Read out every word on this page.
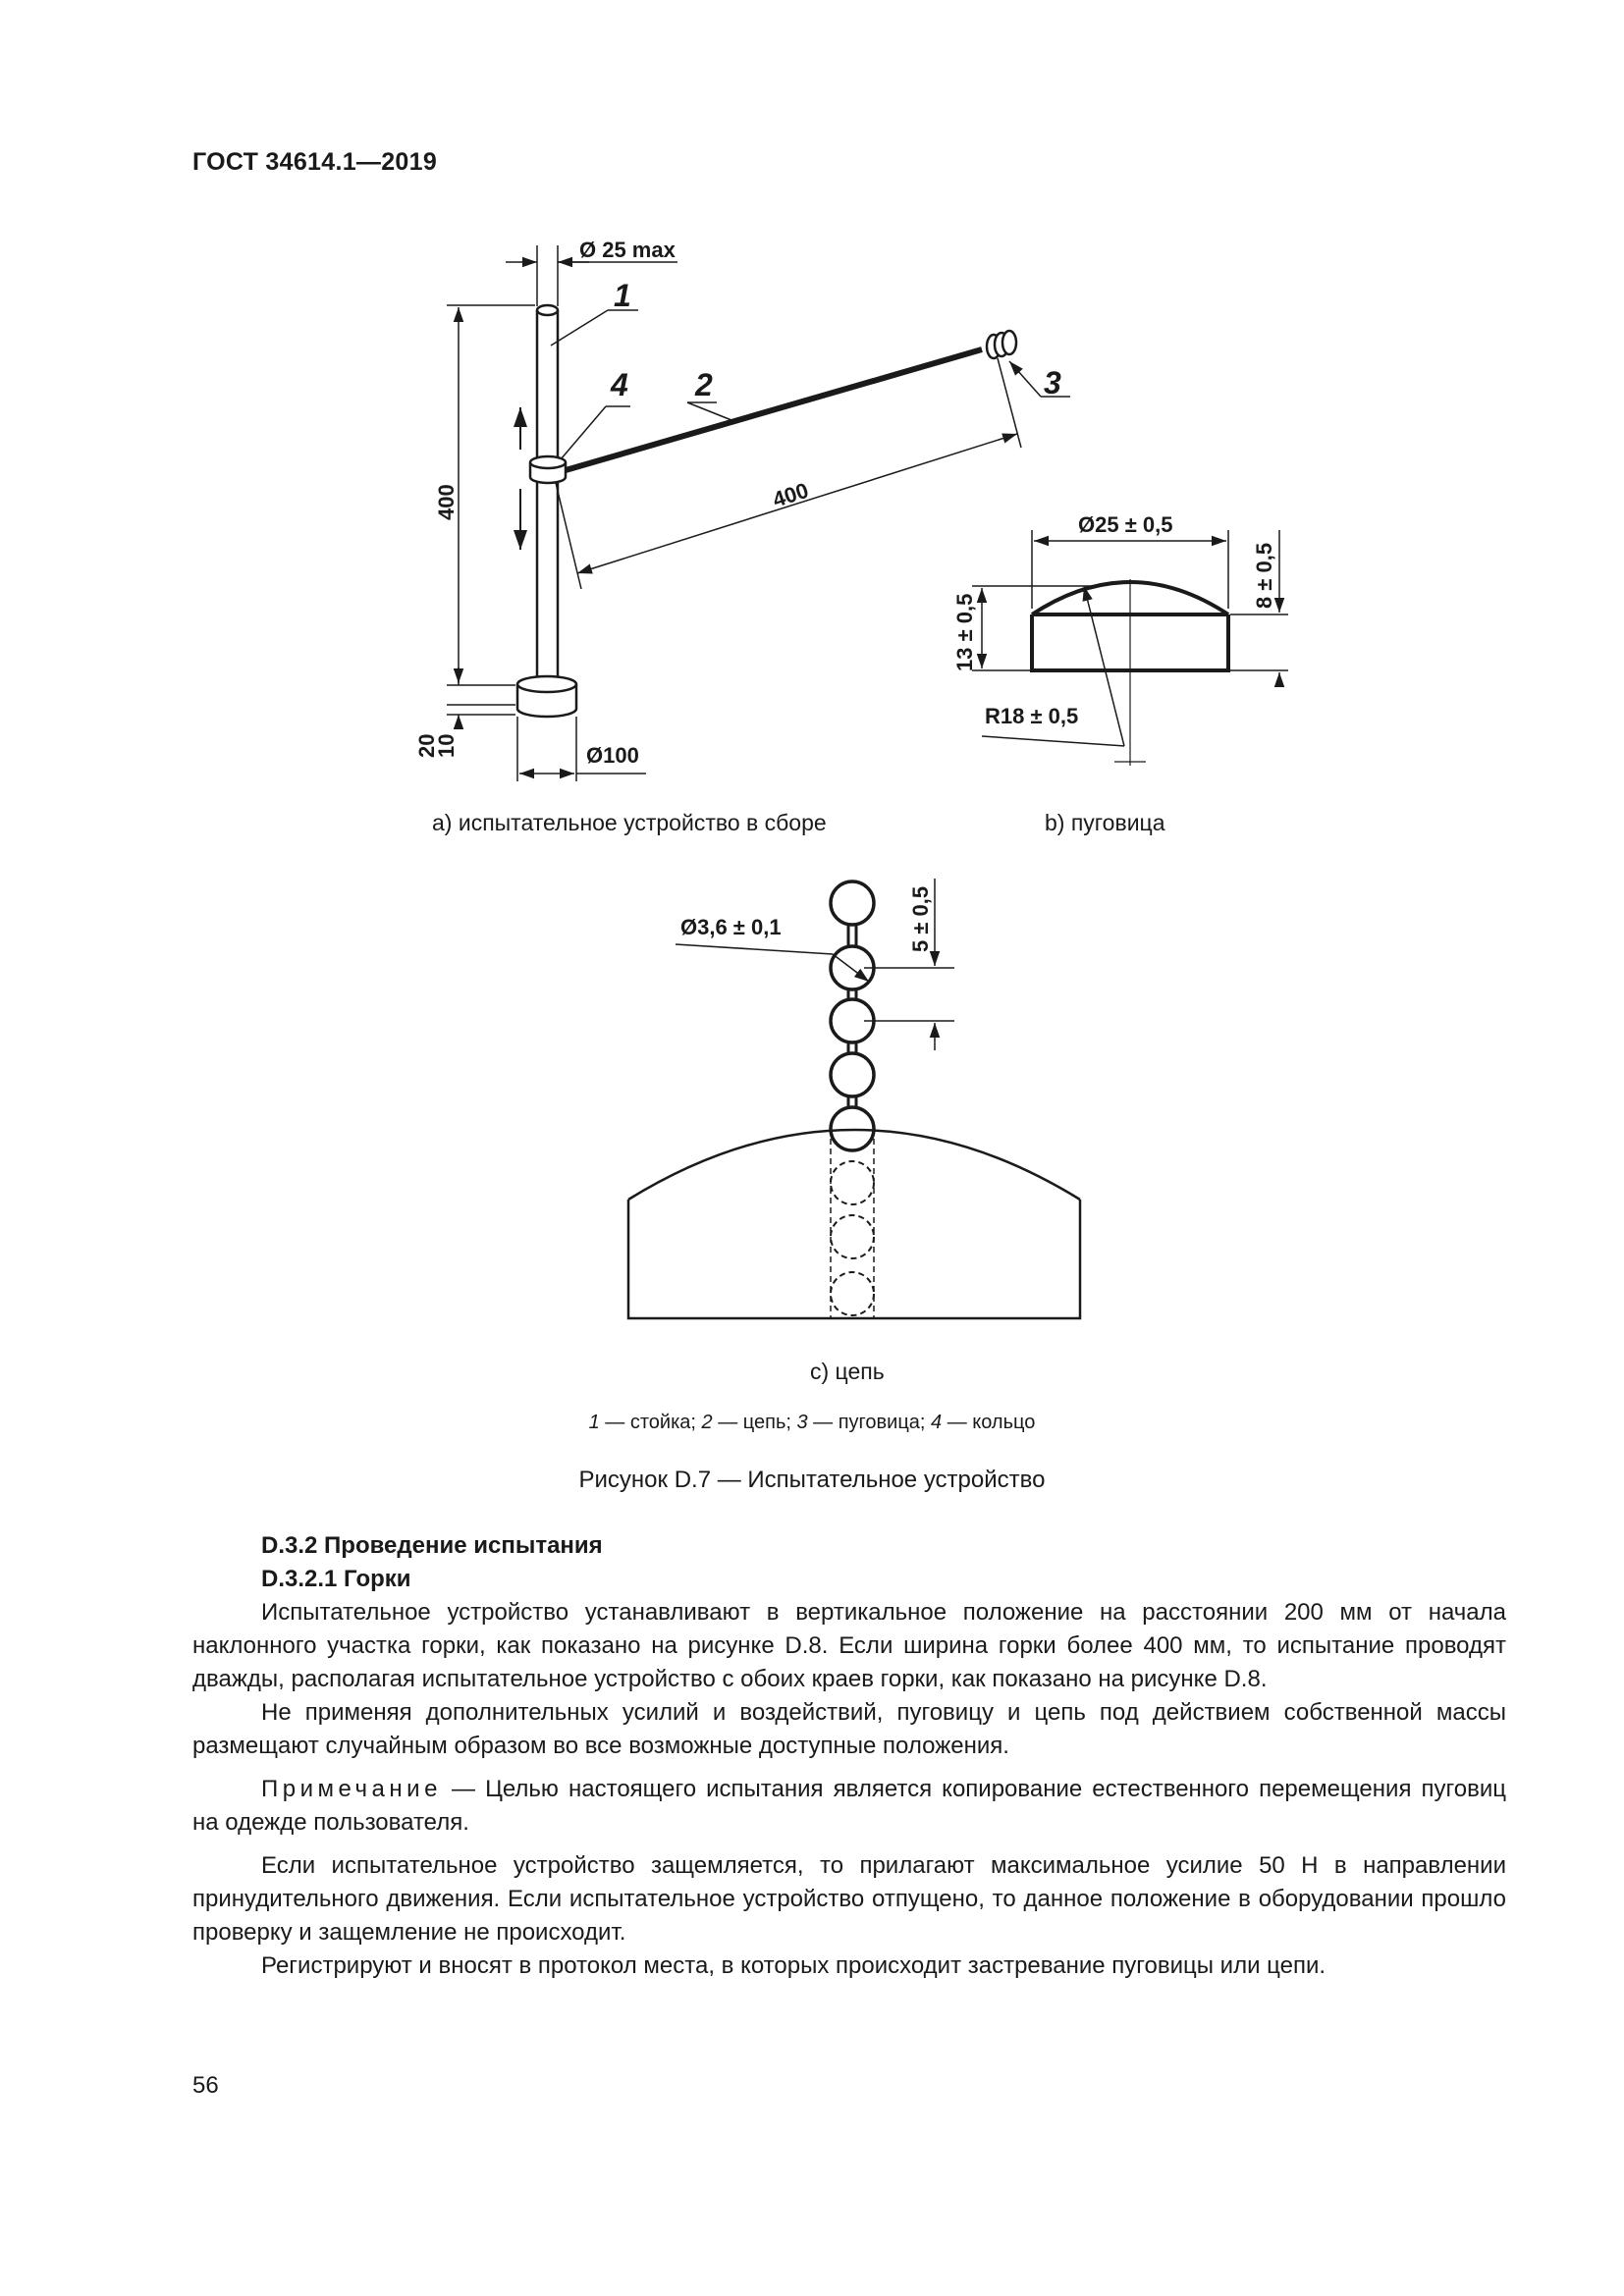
ГОСТ 34614.1—2019
Ø 25 max
400	400
20
10	Ø100
Ø25 ± 0,5
13 ± 0,5
8 ± 0,5
R18 ± 0,5
Ø3,6 ± 0,1	5 ± 0,5
1
4 2	3
а) испытательное устройство в сборе	b) пуговица
с) цепь
1 — стойка; 2 — цепь; 3 — пуговица; 4 — кольцо
Рисунок D.7 — Испытательное устройство
D.3.2 Проведение испытания
D.3.2.1 Горки
Испытательное устройство устанавливают в вертикальное положение на расстоянии 200 мм от начала наклонного участка горки, как показано на рисунке D.8. Если ширина горки более 400 мм, то испытание проводят дважды, располагая испытательное устройство с обоих краев горки, как показано на рисунке D.8.
Не применяя дополнительных усилий и воздействий, пуговицу и цепь под действием собственной массы размещают случайным образом во все возможные доступные положения.
Примечание — Целью настоящего испытания является копирование естественного перемещения пуговиц на одежде пользователя.
Если испытательное устройство защемляется, то прилагают максимальное усилие 50 Н в направлении принудительного движения. Если испытательное устройство отпущено, то данное положение в оборудовании прошло проверку и защемление не происходит.
Регистрируют и вносят в протокол места, в которых происходит застревание пуговицы или цепи.
56
